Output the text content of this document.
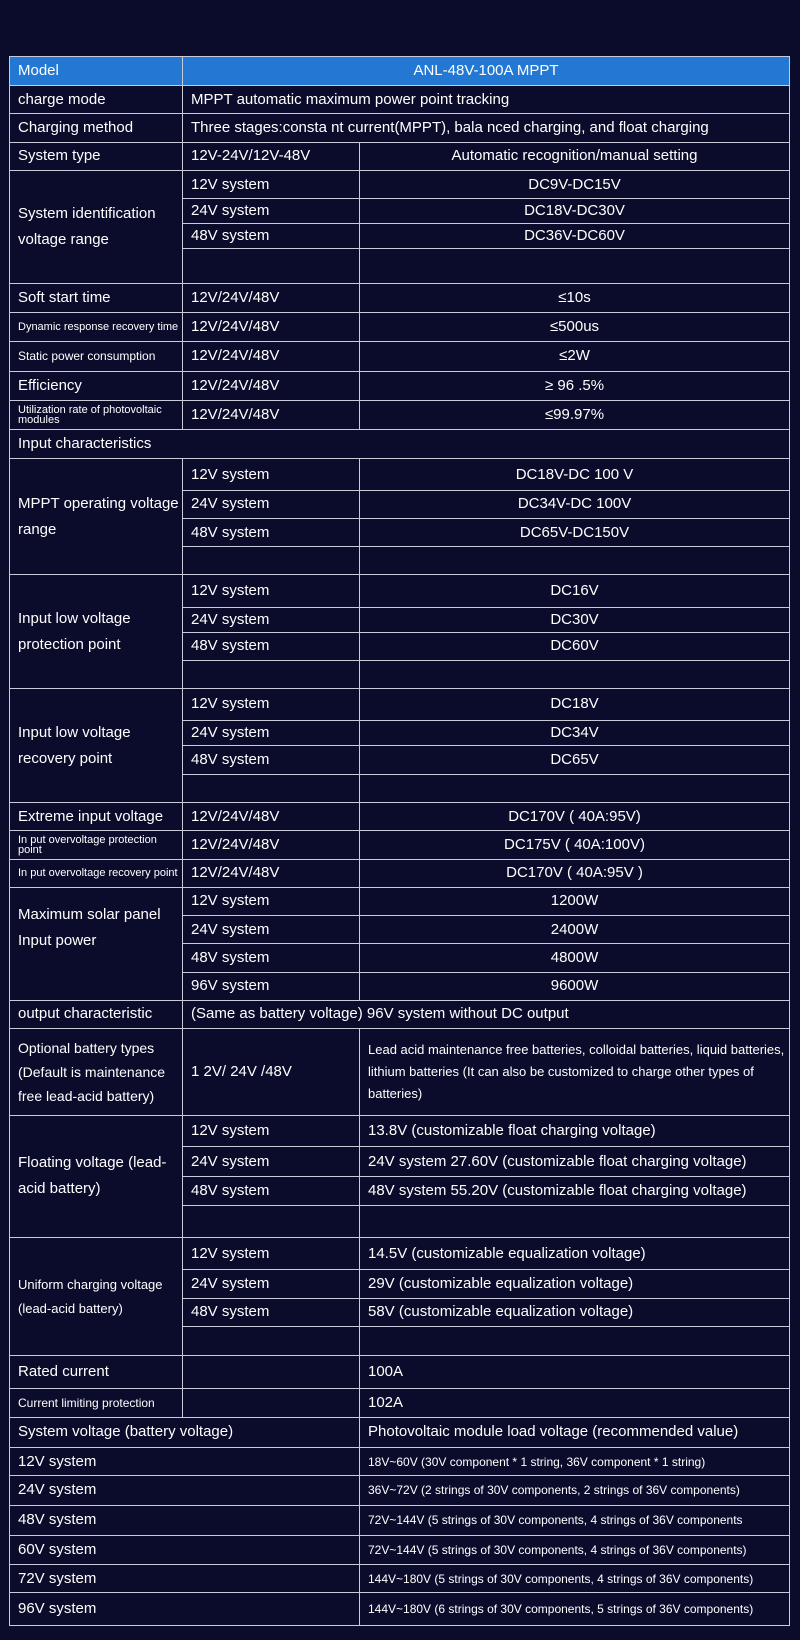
Model	ANL-48V-100A MPPT	
charge mode	MPPT automatic maximum power point tracking	
Charging method	Three stages:consta nt current(MPPT), bala nced charging, and float charging	
System type	12V-24V/12V-48V	Automatic recognition/manual setting
System identification voltage range	12V system	DC9V-DC15V
	24V system	DC18V-DC30V
	48V system	DC36V-DC60V

Soft start time	12V/24V/48V	≤10s
Dynamic response recovery time	12V/24V/48V	≤500us
Static power consumption	12V/24V/48V	≤2W
Efficiency	12V/24V/48V	≥ 96 .5%
Utilization rate of photovoltaic modules	12V/24V/48V	≤99.97%
Input characteristics		
MPPT operating voltage range	12V system	DC18V-DC 100 V
	24V system	DC34V-DC 100V
	48V system	DC65V-DC150V

Input low voltage protection point	12V system	DC16V
	24V system	DC30V
	48V system	DC60V

Input low voltage recovery point	12V system	DC18V
	24V system	DC34V
	48V system	DC65V

Extreme input voltage	12V/24V/48V	DC170V ( 40A:95V)
In put overvoltage protection point	12V/24V/48V	DC175V ( 40A:100V)
In put overvoltage recovery point	12V/24V/48V	DC170V ( 40A:95V )
Maximum solar panel Input power	12V system	1200W
	24V system	2400W
	48V system	4800W
	96V system	9600W
output characteristic	(Same as battery voltage) 96V system without DC output	
Optional battery types (Default is maintenance free lead-acid battery)	1 2V/ 24V /48V	Lead acid maintenance free batteries, colloidal batteries, liquid batteries, lithium batteries (It can also be customized to charge other types of batteries)
Floating voltage (lead-acid battery)	12V system	13.8V (customizable float charging voltage)
	24V system	24V system 27.60V (customizable float charging voltage)
	48V system	48V system 55.20V (customizable float charging voltage)

Uniform charging voltage (lead-acid battery)	12V system	14.5V (customizable equalization voltage)
	24V system	29V (customizable equalization voltage)
	48V system	58V (customizable equalization voltage)

Rated current		100A
Current limiting protection		102A
System voltage (battery voltage)		Photovoltaic module load voltage (recommended value)
12V system		18V~60V (30V component * 1 string, 36V component * 1 string)
24V system		36V~72V (2 strings of 30V components, 2 strings of 36V components)
48V system		72V~144V (5 strings of 30V components, 4 strings of 36V components
60V system		72V~144V (5 strings of 30V components, 4 strings of 36V components)
72V system		144V~180V (5 strings of 30V components, 4 strings of 36V components)
96V system		144V~180V (6 strings of 30V components, 5 strings of 36V components)
